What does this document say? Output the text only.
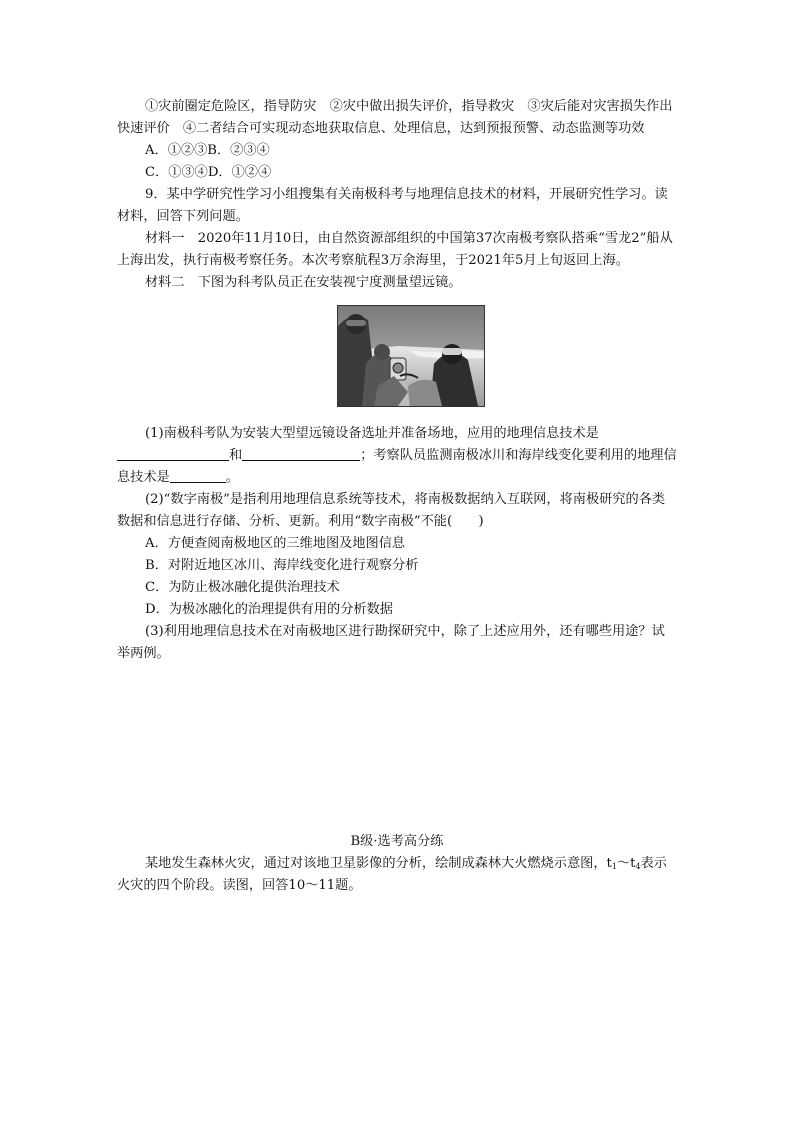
①灾前圈定危险区，指导防灾　②灾中做出损失评价，指导救灾　③灾后能对灾害损失作出快速评价　④二者结合可实现动态地获取信息、处理信息，达到预报预警、动态监测等功效

A．①②③B．②③④

C．①③④D．①②④

9．某中学研究性学习小组搜集有关南极科考与地理信息技术的材料，开展研究性学习。读材料，回答下列问题。

材料一　2020年11月10日，由自然资源部组织的中国第37次南极考察队搭乘“雪龙2”船从上海出发，执行南极考察任务。本次考察航程3万余海里，于2021年5月上旬返回上海。

材料二　下图为科考队员正在安装视宁度测量望远镜。

(1)南极科考队为安装大型望远镜设备选址并准备场地，应用的地理信息技术是和	；考察队员监测南极冰川和海岸线变化要利用的地理信息技术是	。

(2)“数字南极”是指利用地理信息系统等技术，将南极数据纳入互联网，将南极研究的各类数据和信息进行存储、分析、更新。利用“数字南极”不能(　　)

A．方便查阅南极地区的三维地图及地图信息

B．对附近地区冰川、海岸线变化进行观察分析

C．为防止极冰融化提供治理技术

D．为极冰融化的治理提供有用的分析数据

(3)利用地理信息技术在对南极地区进行勘探研究中，除了上述应用外，还有哪些用途？试举两例。

B级·选考高分练

某地发生森林火灾，通过对该地卫星影像的分析，绘制成森林大火燃烧示意图，$t_1\sim t_4$表示火灾的四个阶段。读图，回答10～11题。
